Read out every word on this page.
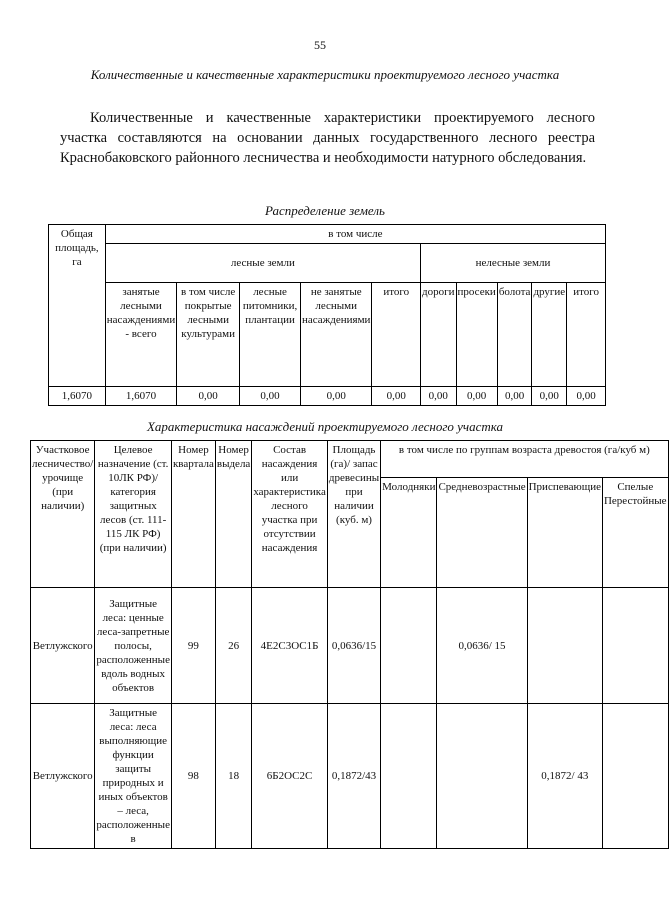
55
Количественные и качественные характеристики проектируемого лесного участка
Количественные и качественные характеристики проектируемого лесного участка составляются на основании данных государственного лесного реестра Краснобаковского районного лесничества и необходимости натурного обследования.
Распределение земель
Общая площадь, га	в том числе									
	лесные земли					нелесные земли				
	занятые лесными насаждениями - всего	в том числе покрытые лесными культурами	лесные питомники, плантации	не занятые лесными насаждениями	итого	дороги	просеки	болота	другие	итого
1,6070	1,6070	0,00	0,00	0,00	0,00	0,00	0,00	0,00	0,00	0,00
Характеристика насаждений проектируемого лесного участка
Участковое лесничество/ урочище (при наличии)	Целевое назначение (ст. 10ЛК РФ)/ категория защитных лесов (ст. 111-115 ЛК РФ) (при наличии)	Номер квартала	Номер выдела	Состав насаждения или характеристика лесного участка при отсутствии насаждения	Площадь (га)/ запас древесины при наличии (куб. м)	в том числе по группам возраста древостоя (га/куб м)			
						Молодняки	Средневозрастные	Приспевающие	Спелые Перестойные
Ветлужского	Защитные леса: ценные леса-запретные полосы, расположенные вдоль водных объектов	99	26	4Е2С3ОС1Б	0,0636/15		0,0636/ 15		
Ветлужского	Защитные леса: леса выполняющие функции защиты природных и иных объектов – леса, расположенные в	98	18	6Б2ОС2С	0,1872/43			0,1872/ 43	
